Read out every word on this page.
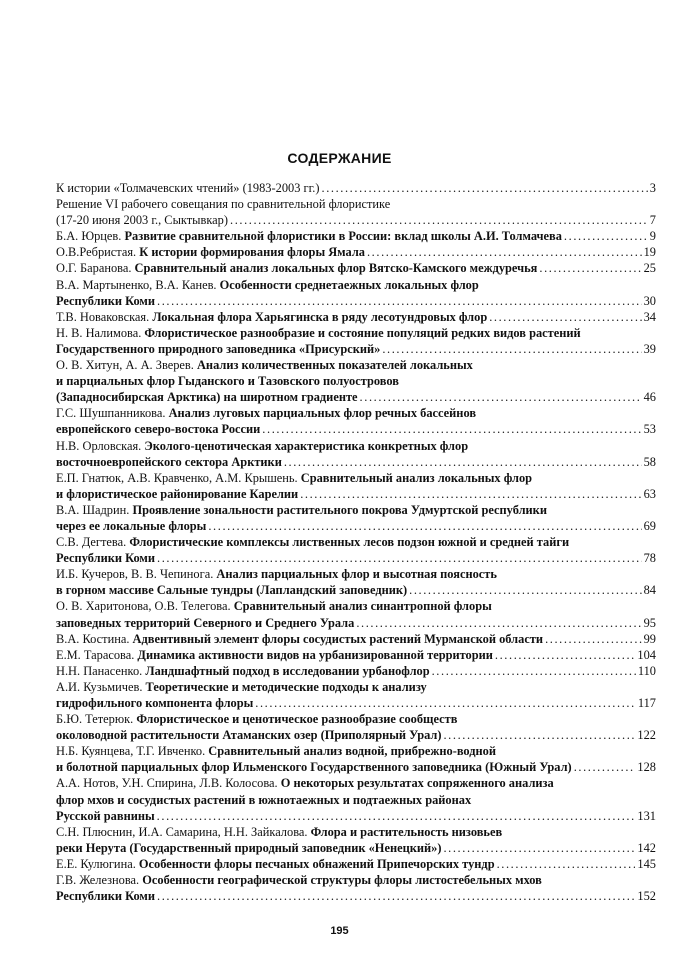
СОДЕРЖАНИЕ
К истории «Толмачевских чтений» (1983-2003 гг.) .....	3
Решение VI рабочего совещания по сравнительной флористике
(17-20 июня 2003 г., Сыктывкар) .....	7
Б.А. Юрцев. Развитие сравнительной флористики в России: вклад школы А.И. Толмачева .....	9
О.В.Ребристая. К истории формирования флоры Ямала .....	19
О.Г. Баранова. Сравнительный анализ локальных флор Вятско-Камского междуречья .....	25
В.А. Мартыненко, В.А. Канев. Особенности среднетаежных локальных флор
Республики Коми .....	30
Т.В. Новаковская. Локальная флора Харьягинска в ряду лесотундровых флор .....	34
Н. В. Налимова. Флористическое разнообразие и состояние популяций редких видов растений
Государственного природного заповедника «Присурский» .....	39
О. В. Хитун, А. А. Зверев. Анализ количественных показателей локальных
и парциальных флор Гыданского и Тазовского полуостровов
(Западносибирская Арктика) на широтном градиенте .....	46
Г.С. Шушпанникова. Анализ луговых парциальных флор речных бассейнов
европейского северо-востока России .....	53
Н.В. Орловская. Эколого-ценотическая характеристика конкретных флор
восточноевропейского сектора Арктики .....	58
Е.П. Гнатюк, А.В. Кравченко, А.М. Крышень. Сравнительный анализ локальных флор
и флористическое районирование Карелии .....	63
В.А. Шадрин. Проявление зональности растительного покрова Удмуртской республики
через ее локальные флоры .....	69
С.В. Дегтева. Флористические комплексы лиственных лесов подзон южной и средней тайги
Республики Коми .....	78
И.Б. Кучеров, В. В. Чепинога. Анализ парциальных флор и высотная поясность
в горном массиве Сальные тундры (Лапландский заповедник) .....	84
О. В. Харитонова, О.В. Телегова. Сравнительный анализ синантропной флоры
заповедных территорий Северного и Среднего Урала .....	95
В.А. Костина. Адвентивный элемент флоры сосудистых растений Мурманской области .....	99
Е.М. Тарасова. Динамика активности видов на урбанизированной территории .....	104
Н.Н. Панасенко. Ландшафтный подход в исследовании урбанофлор .....	110
А.И. Кузьмичев. Теоретические и методические подходы к анализу
гидрофильного компонента флоры .....	117
Б.Ю. Тетерюк. Флористическое и ценотическое разнообразие сообществ
околоводной растительности Атаманских озер (Приполярный Урал) .....	122
Н.Б. Куянцева, Т.Г. Ивченко. Сравнительный анализ водной, прибрежно-водной
и болотной парциальных флор Ильменского Государственного заповедника (Южный Урал) .....	128
А.А. Нотов, У.Н. Спирина, Л.В. Колосова. О некоторых результатах сопряженного анализа
флор мхов и сосудистых растений в южнотаежных и подтаежных районах
Русской равнины .....	131
С.Н. Плюснин, И.А. Самарина, Н.Н. Зайкалова. Флора и растительность низовьев
реки Нерута (Государственный природный заповедник «Ненецкий») .....	142
Е.Е. Кулюгина. Особенности флоры песчаных обнажений Припечорских тундр .....	145
Г.В. Железнова. Особенности географической структуры флоры листостебельных мхов
Республики Коми .....	152
195
